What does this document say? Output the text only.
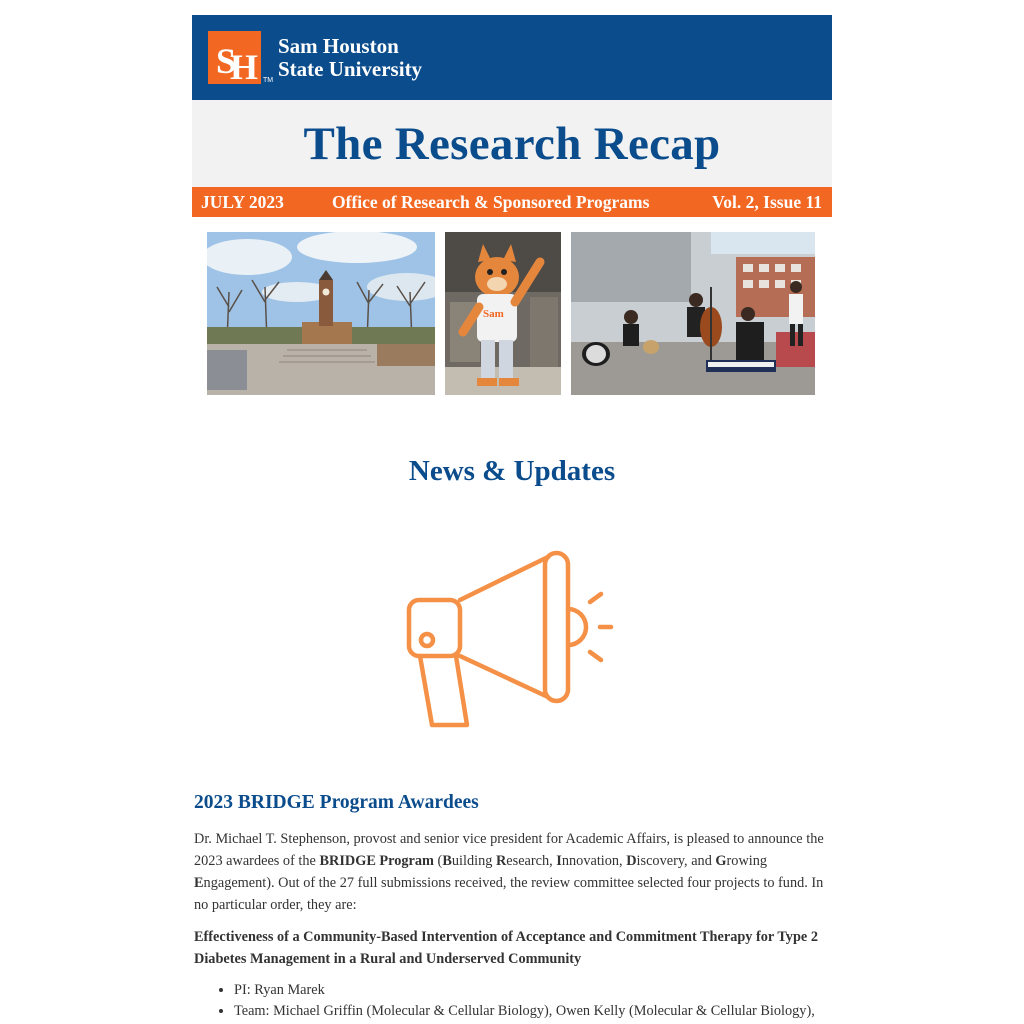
S
H TM
Sam Houston
State University
The Research Recap
JULY 2023	Office of Research & Sponsored Programs	Vol. 2, Issue 11
Sam
News & Updates
2023 BRIDGE Program Awardees

Dr. Michael T. Stephenson, provost and senior vice president for Academic Affairs, is pleased to announce the 2023 awardees of the BRIDGE Program (Building Research, Innovation, Discovery, and Growing Engagement). Out of the 27 full submissions received, the review committee selected four projects to fund. In no particular order, they are:

Effectiveness of a Community-Based Intervention of Acceptance and Commitment Therapy for Type 2 Diabetes Management in a Rural and Underserved Community

• PI: Ryan Marek
• Team: Michael Griffin (Molecular & Cellular Biology), Owen Kelly (Molecular & Cellular Biology),
